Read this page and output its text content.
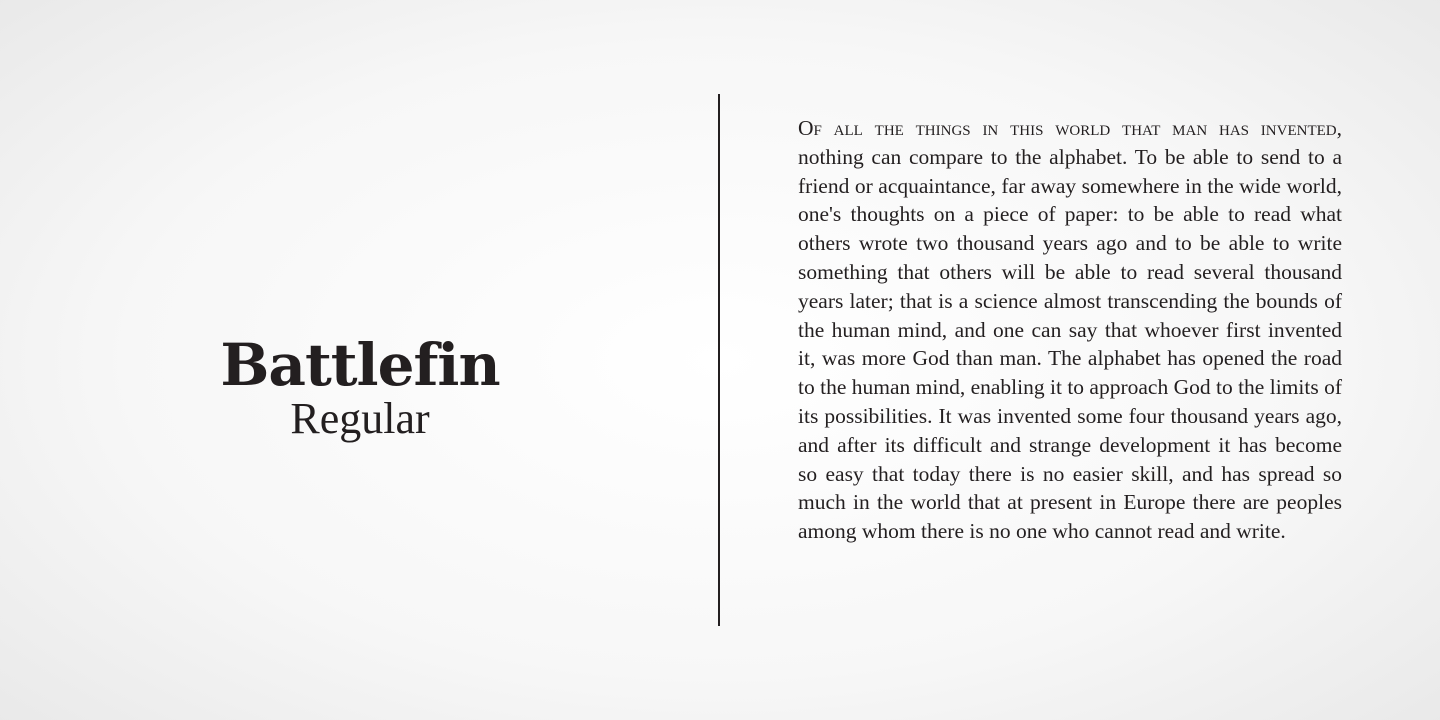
Battlefin
Regular

Of all the things in this world that man has invented, nothing can compare to the alphabet. To be able to send to a friend or acquaintance, far away somewhere in the wide world, one's thoughts on a piece of paper: to be able to read what others wrote two thousand years ago and to be able to write something that others will be able to read several thousand years later; that is a science almost transcending the bounds of the human mind, and one can say that whoever first invented it, was more God than man. The alphabet has opened the road to the human mind, enabling it to approach God to the limits of its possibilities. It was invented some four thousand years ago, and after its difficult and strange development it has become so easy that today there is no easier skill, and has spread so much in the world that at present in Europe there are peoples among whom there is no one who cannot read and write.
